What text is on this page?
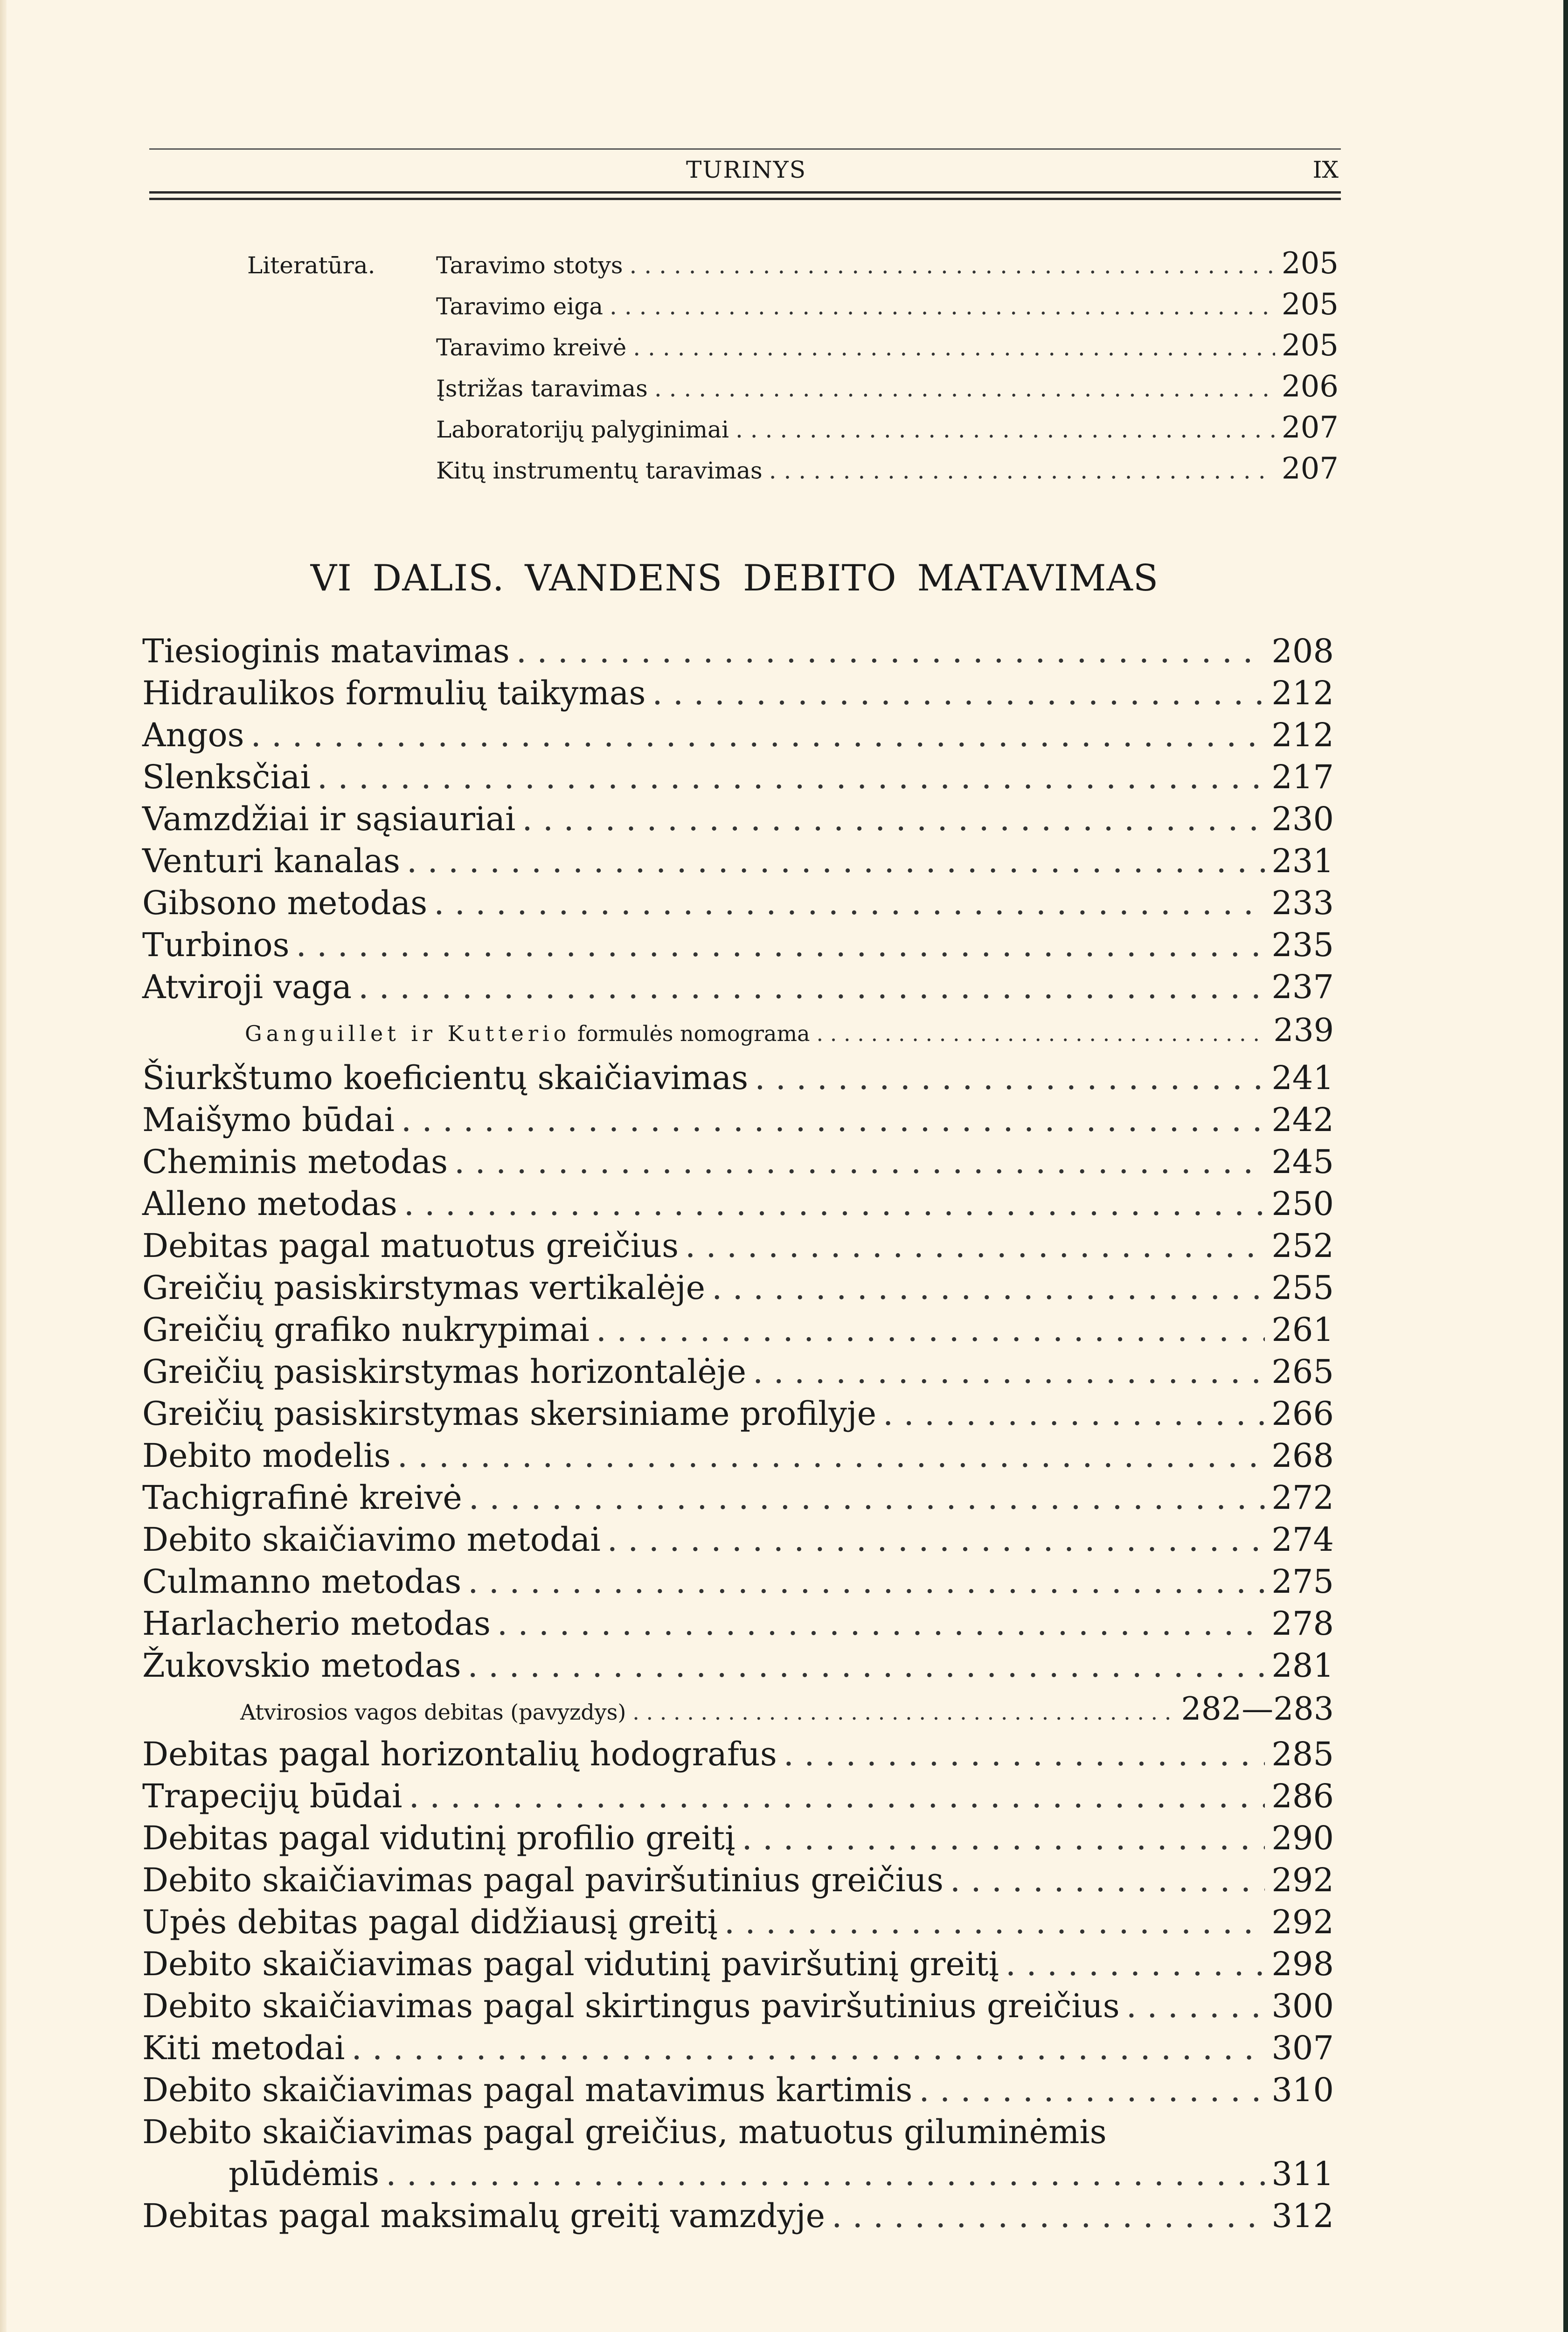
TURINYS	IX
Literatūra.	Taravimo stotys . . .	205
Taravimo eiga . . .	205
Taravimo kreivė . . .	205
Įstrižas taravimas . . .	206
Laboratorijų palyginimai . . .	207
Kitų instrumentų taravimas . . .	207
VI DALIS. VANDENS DEBITO MATAVIMAS
Tiesioginis matavimas . . .	208
Hidraulikos formulių taikymas . . .	212
Angos . . .	212
Slenksčiai . . .	217
Vamzdžiai ir sąsiauriai . . .	230
Venturi kanalas . . .	231
Gibsono metodas . . .	233
Turbinos . . .	235
Atviroji vaga . . .	237
Ganguillet ir Kutterio formulės nomograma . . .	239
Šiurkštumo koeficientų skaičiavimas . . .	241
Maišymo būdai . . .	242
Cheminis metodas . . .	245
Alleno metodas . . .	250
Debitas pagal matuotus greičius . . .	252
Greičių pasiskirstymas vertikalėje . . .	255
Greičių grafiko nukrypimai . . .	261
Greičių pasiskirstymas horizontalėje . . .	265
Greičių pasiskirstymas skersiniame profilyje . . .	266
Debito modelis . . .	268
Tachigrafinė kreivė . . .	272
Debito skaičiavimo metodai . . .	274
Culmanno metodas . . .	275
Harlacherio metodas . . .	278
Žukovskio metodas . . .	281
Atvirosios vagos debitas (pavyzdys) . . .	282—283
Debitas pagal horizontalių hodografus . . .	285
Trapecijų būdai . . .	286
Debitas pagal vidutinį profilio greitį . . .	290
Debito skaičiavimas pagal paviršutinius greičius . . .	292
Upės debitas pagal didžiausį greitį . . .	292
Debito skaičiavimas pagal vidutinį paviršutinį greitį . . .	298
Debito skaičiavimas pagal skirtingus paviršutinius greičius . . .	300
Kiti metodai . . .	307
Debito skaičiavimas pagal matavimus kartimis . . .	310
Debito skaičiavimas pagal greičius, matuotus giluminėmis
plūdėmis . . .	311
Debitas pagal maksimalų greitį vamzdyje . . .	312
